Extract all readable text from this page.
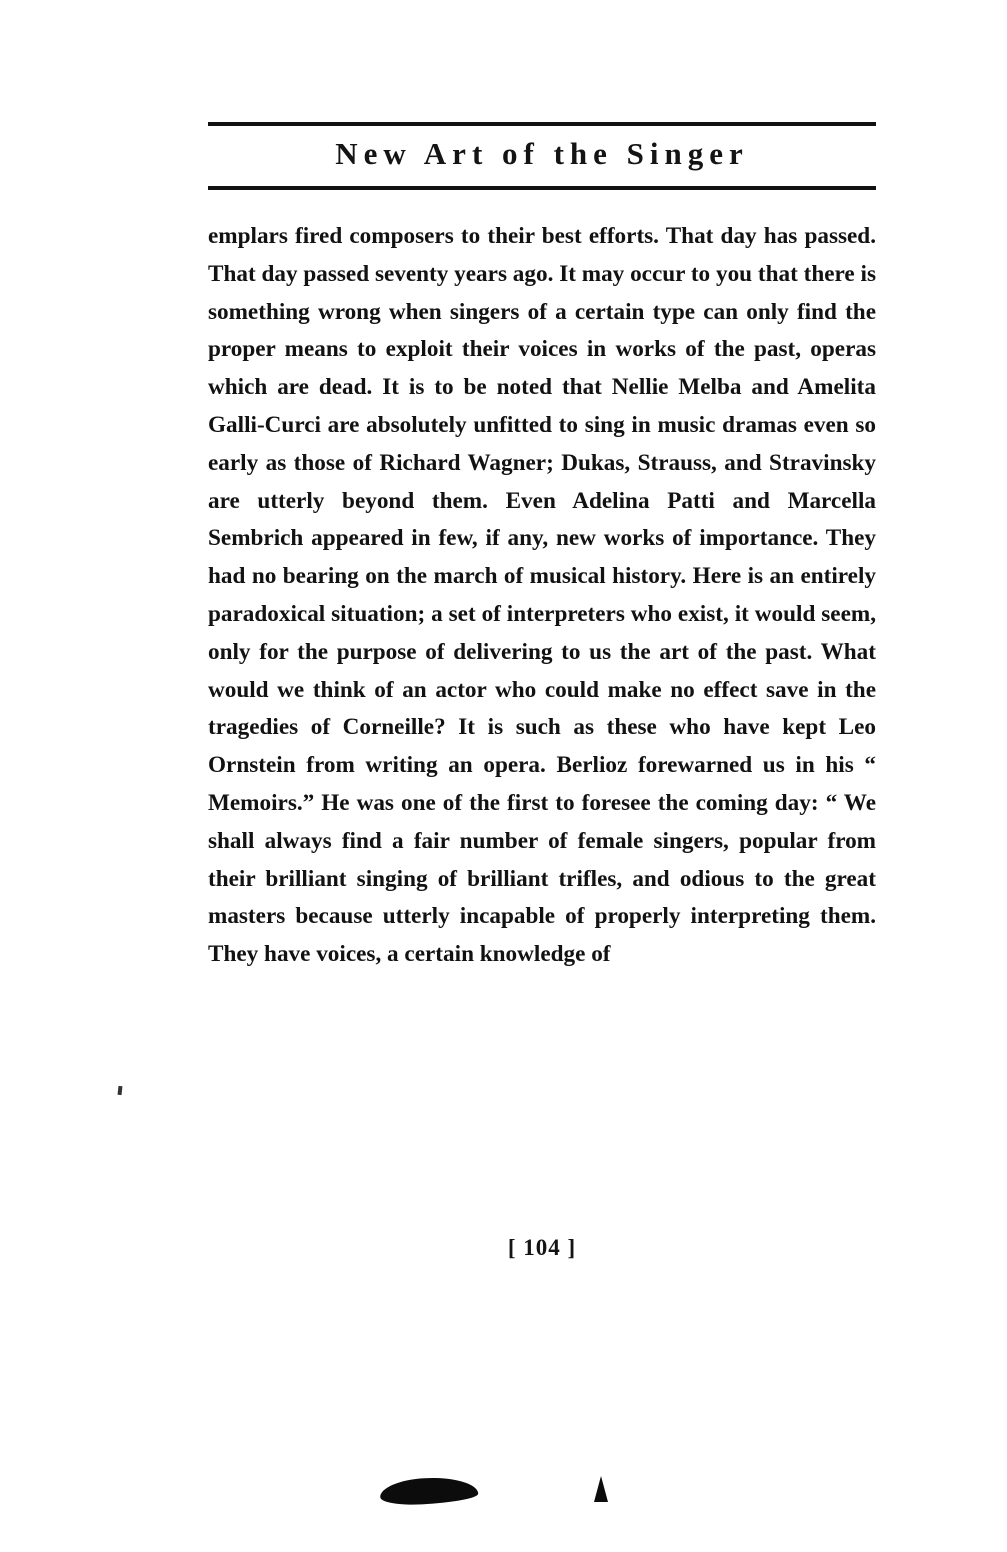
New Art of the Singer

emplars fired composers to their best efforts. That day has passed. That day passed seventy years ago. It may occur to you that there is something wrong when singers of a certain type can only find the proper means to exploit their voices in works of the past, operas which are dead. It is to be noted that Nellie Melba and Amelita Galli-Curci are absolutely unfitted to sing in music dramas even so early as those of Richard Wagner; Dukas, Strauss, and Stravinsky are utterly beyond them. Even Adelina Patti and Marcella Sembrich appeared in few, if any, new works of importance. They had no bearing on the march of musical history. Here is an entirely paradoxical situation; a set of interpreters who exist, it would seem, only for the purpose of delivering to us the art of the past. What would we think of an actor who could make no effect save in the tragedies of Corneille? It is such as these who have kept Leo Ornstein from writing an opera. Berlioz forewarned us in his “ Memoirs.” He was one of the first to foresee the coming day: “ We shall always find a fair number of female singers, popular from their brilliant singing of brilliant trifles, and odious to the great masters because utterly incapable of properly interpreting them. They have voices, a certain knowledge of

[ 104 ]
